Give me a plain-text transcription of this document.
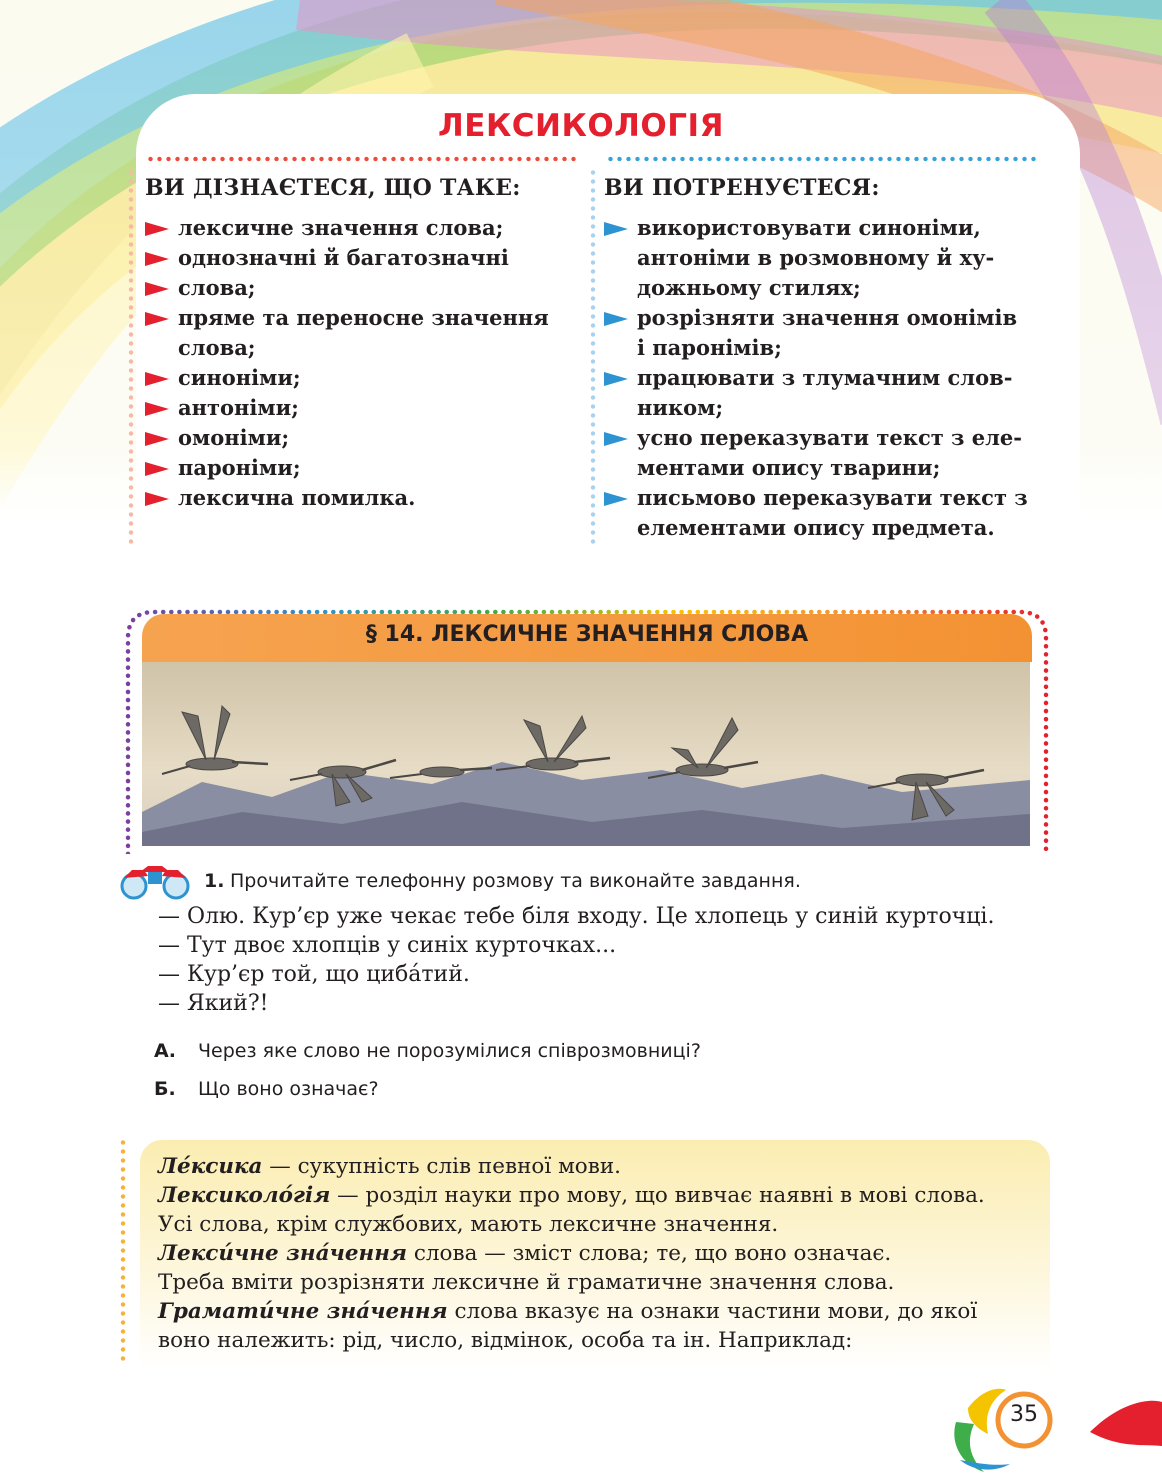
ЛЕКСИКОЛОГІЯ
ВИ ДІЗНАЄТЕСЯ, ЩО ТАКЕ:
лексичне значення слова;
однозначні й багатозначні
слова;
пряме та переносне значення
слова;
синоніми;
антоніми;
омоніми;
пароніми;
лексична помилка.
ВИ ПОТРЕНУЄТЕСЯ:
використовувати синоніми,
антоніми в розмовному й ху-
дожньому стилях;
розрізняти значення омонімів
і паронімів;
працювати з тлумачним слов-
ником;
усно переказувати текст з еле-
ментами опису тварини;
письмово переказувати текст з
елементами опису предмета.
§ 14. ЛЕКСИЧНЕ ЗНАЧЕННЯ СЛОВА
1. Прочитайте телефонну розмову та виконайте завдання.
— Олю. Кур’єр уже чекає тебе біля входу. Це хлопець у синій курточці.
— Тут двоє хлопців у синіх курточках...
— Кур’єр той, що циба́тий.
— Який?!
А. Через яке слово не порозумілися співрозмовниці?
Б. Що воно означає?

Ле́ксика — сукупність слів певної мови.

Лексиколо́гія — розділ науки про мову, що вивчає наявні в мові слова.

Усі слова, крім службових, мають лексичне значення.

Лекси́чне зна́чення слова — зміст слова; те, що воно означає.

Треба вміти розрізняти лексичне й граматичне значення слова.

Грамати́чне зна́чення слова вказує на ознаки частини мови, до якої

воно належить: рід, число, відмінок, особа та ін. Наприклад:

35
